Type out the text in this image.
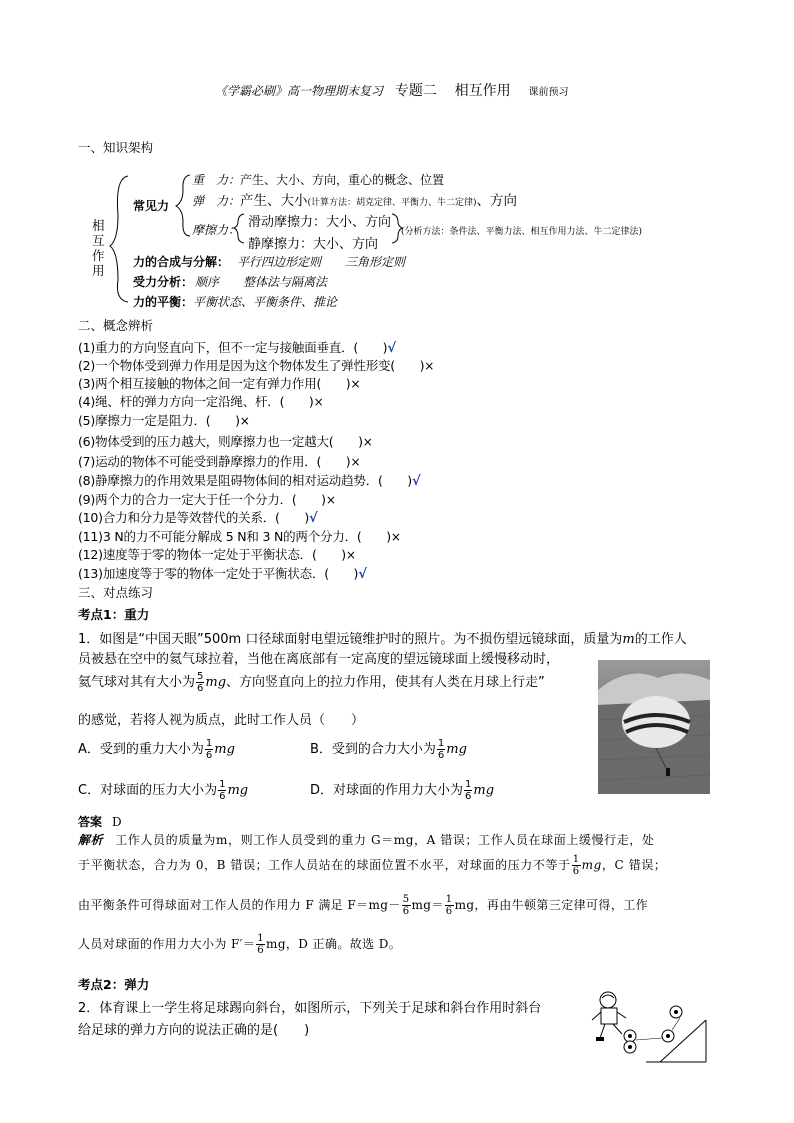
《学霸必刷》高一物理期末复习 专题二 相互作用 课前预习
一、知识架构
相
互
作
用
常见力
重　力：产生、大小、方向，重心的概念、位置
弹　力：产生、大小(计算方法：胡克定律、平衡力、牛二定律)、方向
摩擦力： 滑动摩擦力：大小、方向
静摩擦力：大小、方向
(分析方法：条件法、平衡力法、相互作用力法、牛二定律法)
力的合成与分解： 平行四边形定则　　三角形定则
受力分析： 顺序　　整体法与隔离法
力的平衡：平衡状态、平衡条件、推论
二、概念辨析
(1)重力的方向竖直向下，但不一定与接触面垂直．(　　)√
(2)一个物体受到弹力作用是因为这个物体发生了弹性形变(　　)×
(3)两个相互接触的物体之间一定有弹力作用(　　)×
(4)绳、杆的弹力方向一定沿绳、杆．(　　)×
(5)摩擦力一定是阻力．(　　)×
(6)物体受到的压力越大，则摩擦力也一定越大(　　)×
(7)运动的物体不可能受到静摩擦力的作用．(　　)×
(8)静摩擦力的作用效果是阻碍物体间的相对运动趋势．(　　)√
(9)两个力的合力一定大于任一个分力．(　　)×
(10)合力和分力是等效替代的关系．(　　)√
(11)3 N的力不可能分解成 5 N和 3 N的两个分力．(　　)×
(12)速度等于零的物体一定处于平衡状态．(　　)×
(13)加速度等于零的物体一定处于平衡状态．(　　)√
三、对点练习
考点1：重力
1．如图是“中国天眼”500m 口径球面射电望远镜维护时的照片。为不损伤望远镜球面，质量为m的工作人
员被悬在空中的氦气球拉着，当他在离底部有一定高度的望远镜球面上缓慢移动时，
氦气球对其有大小为 $\frac{5}{6}$ mg、方向竖直向上的拉力作用，使其有人类在月球上行走”
的感觉，若将人视为质点，此时工作人员（　　）
A．受到的重力大小为 $\frac{1}{6}$ mg	B．受到的合力大小为 $\frac{1}{6}$ mg
C．对球面的压力大小为 $\frac{1}{6}$ mg	D．对球面的作用力大小为 $\frac{1}{6}$ mg
答案 D
解析 工作人员的质量为m，则工作人员受到的重力 G＝mg，A 错误；工作人员在球面上缓慢行走，处
于平衡状态，合力为 0，B 错误；工作人员站在的球面位置不水平，对球面的压力不等于 $\frac{1}{6}$ mg，C 错误；
由平衡条件可得球面对工作人员的作用力 F 满足 $F=mg- \frac{5}{6} mg= \frac{1}{6}$ mg，再由牛顿第三定律可得，工作
人员对球面的作用力大小为 $F'= \frac{1}{6}$ mg，D 正确。故选 D。
考点2：弹力
2．体育课上一学生将足球踢向斜台，如图所示，下列关于足球和斜台作用时斜台
给足球的弹力方向的说法正确的是(　　)
